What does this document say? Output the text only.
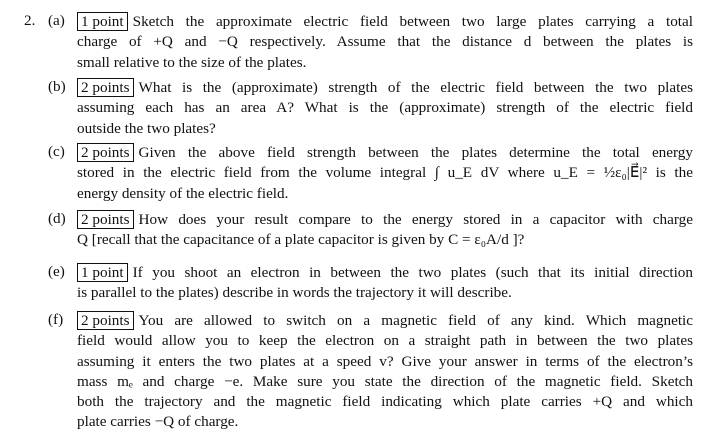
2. (a) 1 point Sketch the approximate electric field between two large plates carrying a total
charge of +Q and −Q respectively. Assume that the distance d between the plates is
small relative to the size of the plates.
(b) 2 points What is the (approximate) strength of the electric field between the two plates
assuming each has an area A? What is the (approximate) strength of the electric field
outside the two plates?
(c) 2 points Given the above field strength between the plates determine the total energy
stored in the electric field from the volume integral ∫ u_E dV where u_E = ½ε₀|E⃗|² is the
energy density of the electric field.
(d) 2 points How does your result compare to the energy stored in a capacitor with charge
Q [recall that the capacitance of a plate capacitor is given by C = ε₀A/d ]?
(e) 1 point If you shoot an electron in between the two plates (such that its initial direction
is parallel to the plates) describe in words the trajectory it will describe.
(f) 2 points You are allowed to switch on a magnetic field of any kind. Which magnetic
field would allow you to keep the electron on a straight path in between the two plates
assuming it enters the two plates at a speed v? Give your answer in terms of the electron’s
mass mₑ and charge −e. Make sure you state the direction of the magnetic field. Sketch
both the trajectory and the magnetic field indicating which plate carries +Q and which
plate carries −Q of charge.
